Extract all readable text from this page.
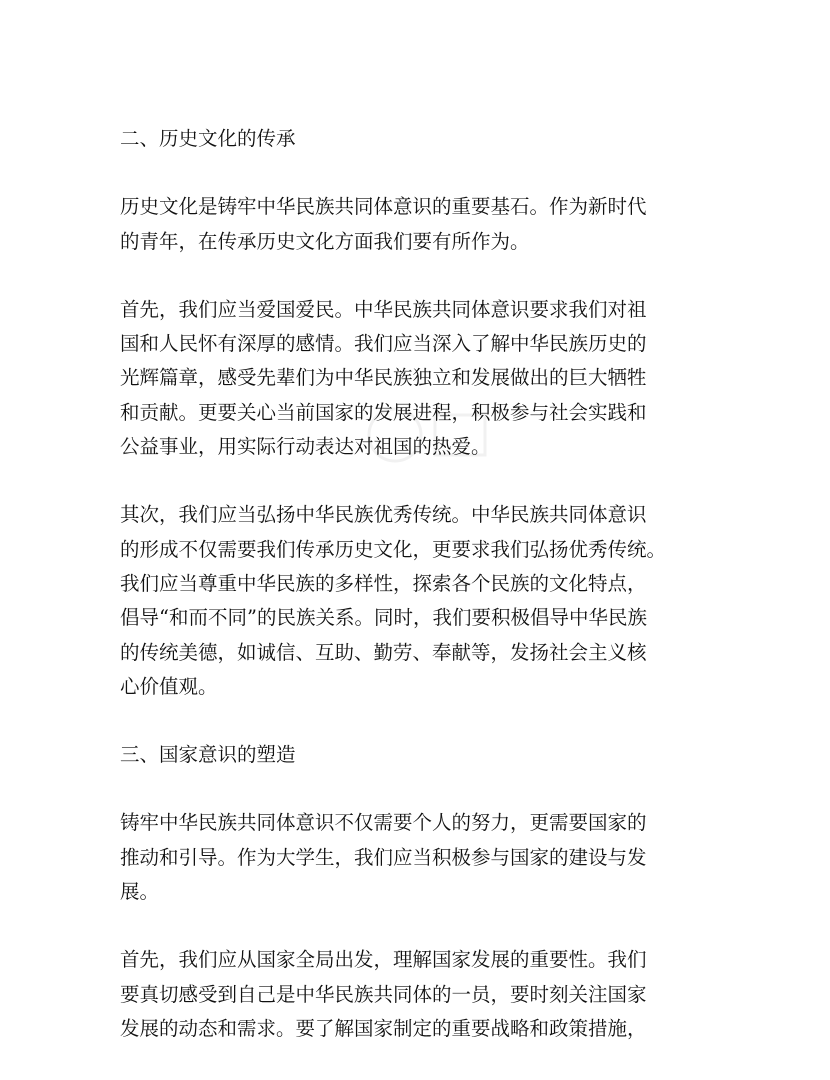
二、历史文化的传承

历史文化是铸牢中华民族共同体意识的重要基石。作为新时代
的青年，在传承历史文化方面我们要有所作为。

首先，我们应当爱国爱民。中华民族共同体意识要求我们对祖
国和人民怀有深厚的感情。我们应当深入了解中华民族历史的
光辉篇章，感受先辈们为中华民族独立和发展做出的巨大牺牲
和贡献。更要关心当前国家的发展进程，积极参与社会实践和
公益事业，用实际行动表达对祖国的热爱。

其次，我们应当弘扬中华民族优秀传统。中华民族共同体意识
的形成不仅需要我们传承历史文化，更要求我们弘扬优秀传统。
我们应当尊重中华民族的多样性，探索各个民族的文化特点，
倡导“和而不同”的民族关系。同时，我们要积极倡导中华民族
的传统美德，如诚信、互助、勤劳、奉献等，发扬社会主义核
心价值观。

三、国家意识的塑造

铸牢中华民族共同体意识不仅需要个人的努力，更需要国家的
推动和引导。作为大学生，我们应当积极参与国家的建设与发
展。

首先，我们应从国家全局出发，理解国家发展的重要性。我们
要真切感受到自己是中华民族共同体的一员，要时刻关注国家
发展的动态和需求。要了解国家制定的重要战略和政策措施，
